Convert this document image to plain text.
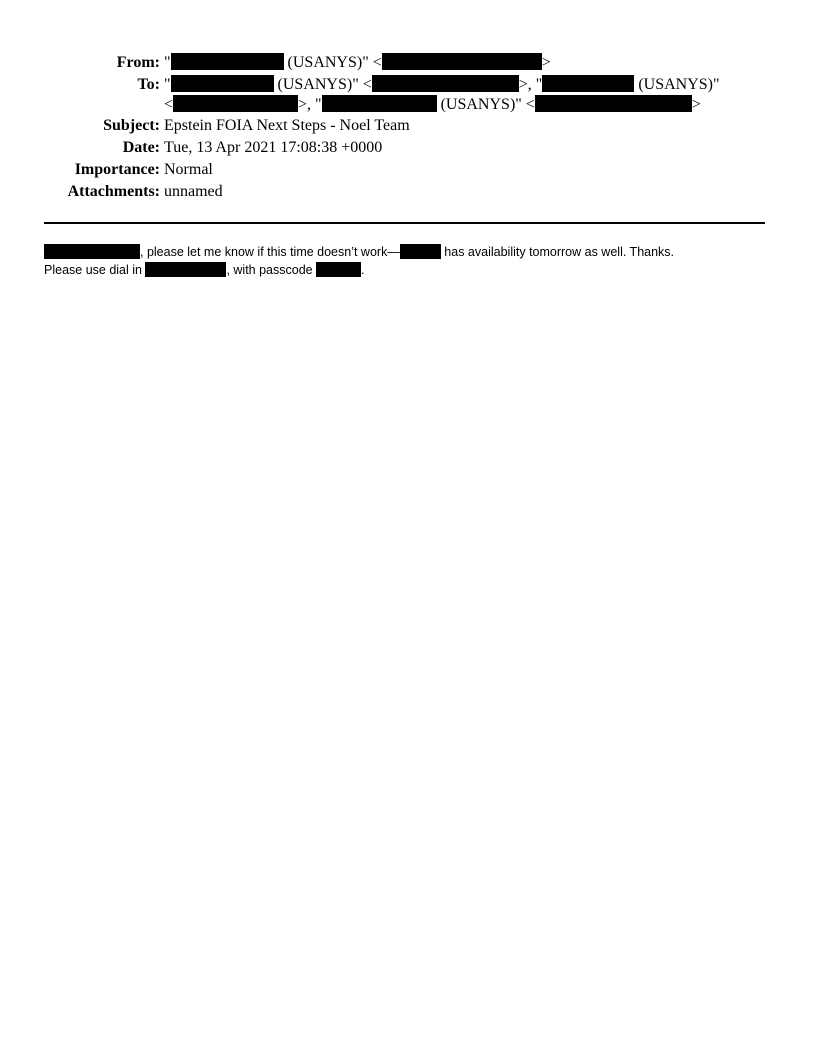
From: "	(USANYS)" <	>
To: "	(USANYS)" <	>, "	(USANYS)"
<	>, "	(USANYS)" <	>
Subject: Epstein FOIA Next Steps - Noel Team
Date: Tue, 13 Apr 2021 17:08:38 +0000
Importance: Normal
Attachments: unnamed
, please let me know if this time doesn’t work—	has availability tomorrow as well. Thanks.
Please use dial in	, with passcode	.
